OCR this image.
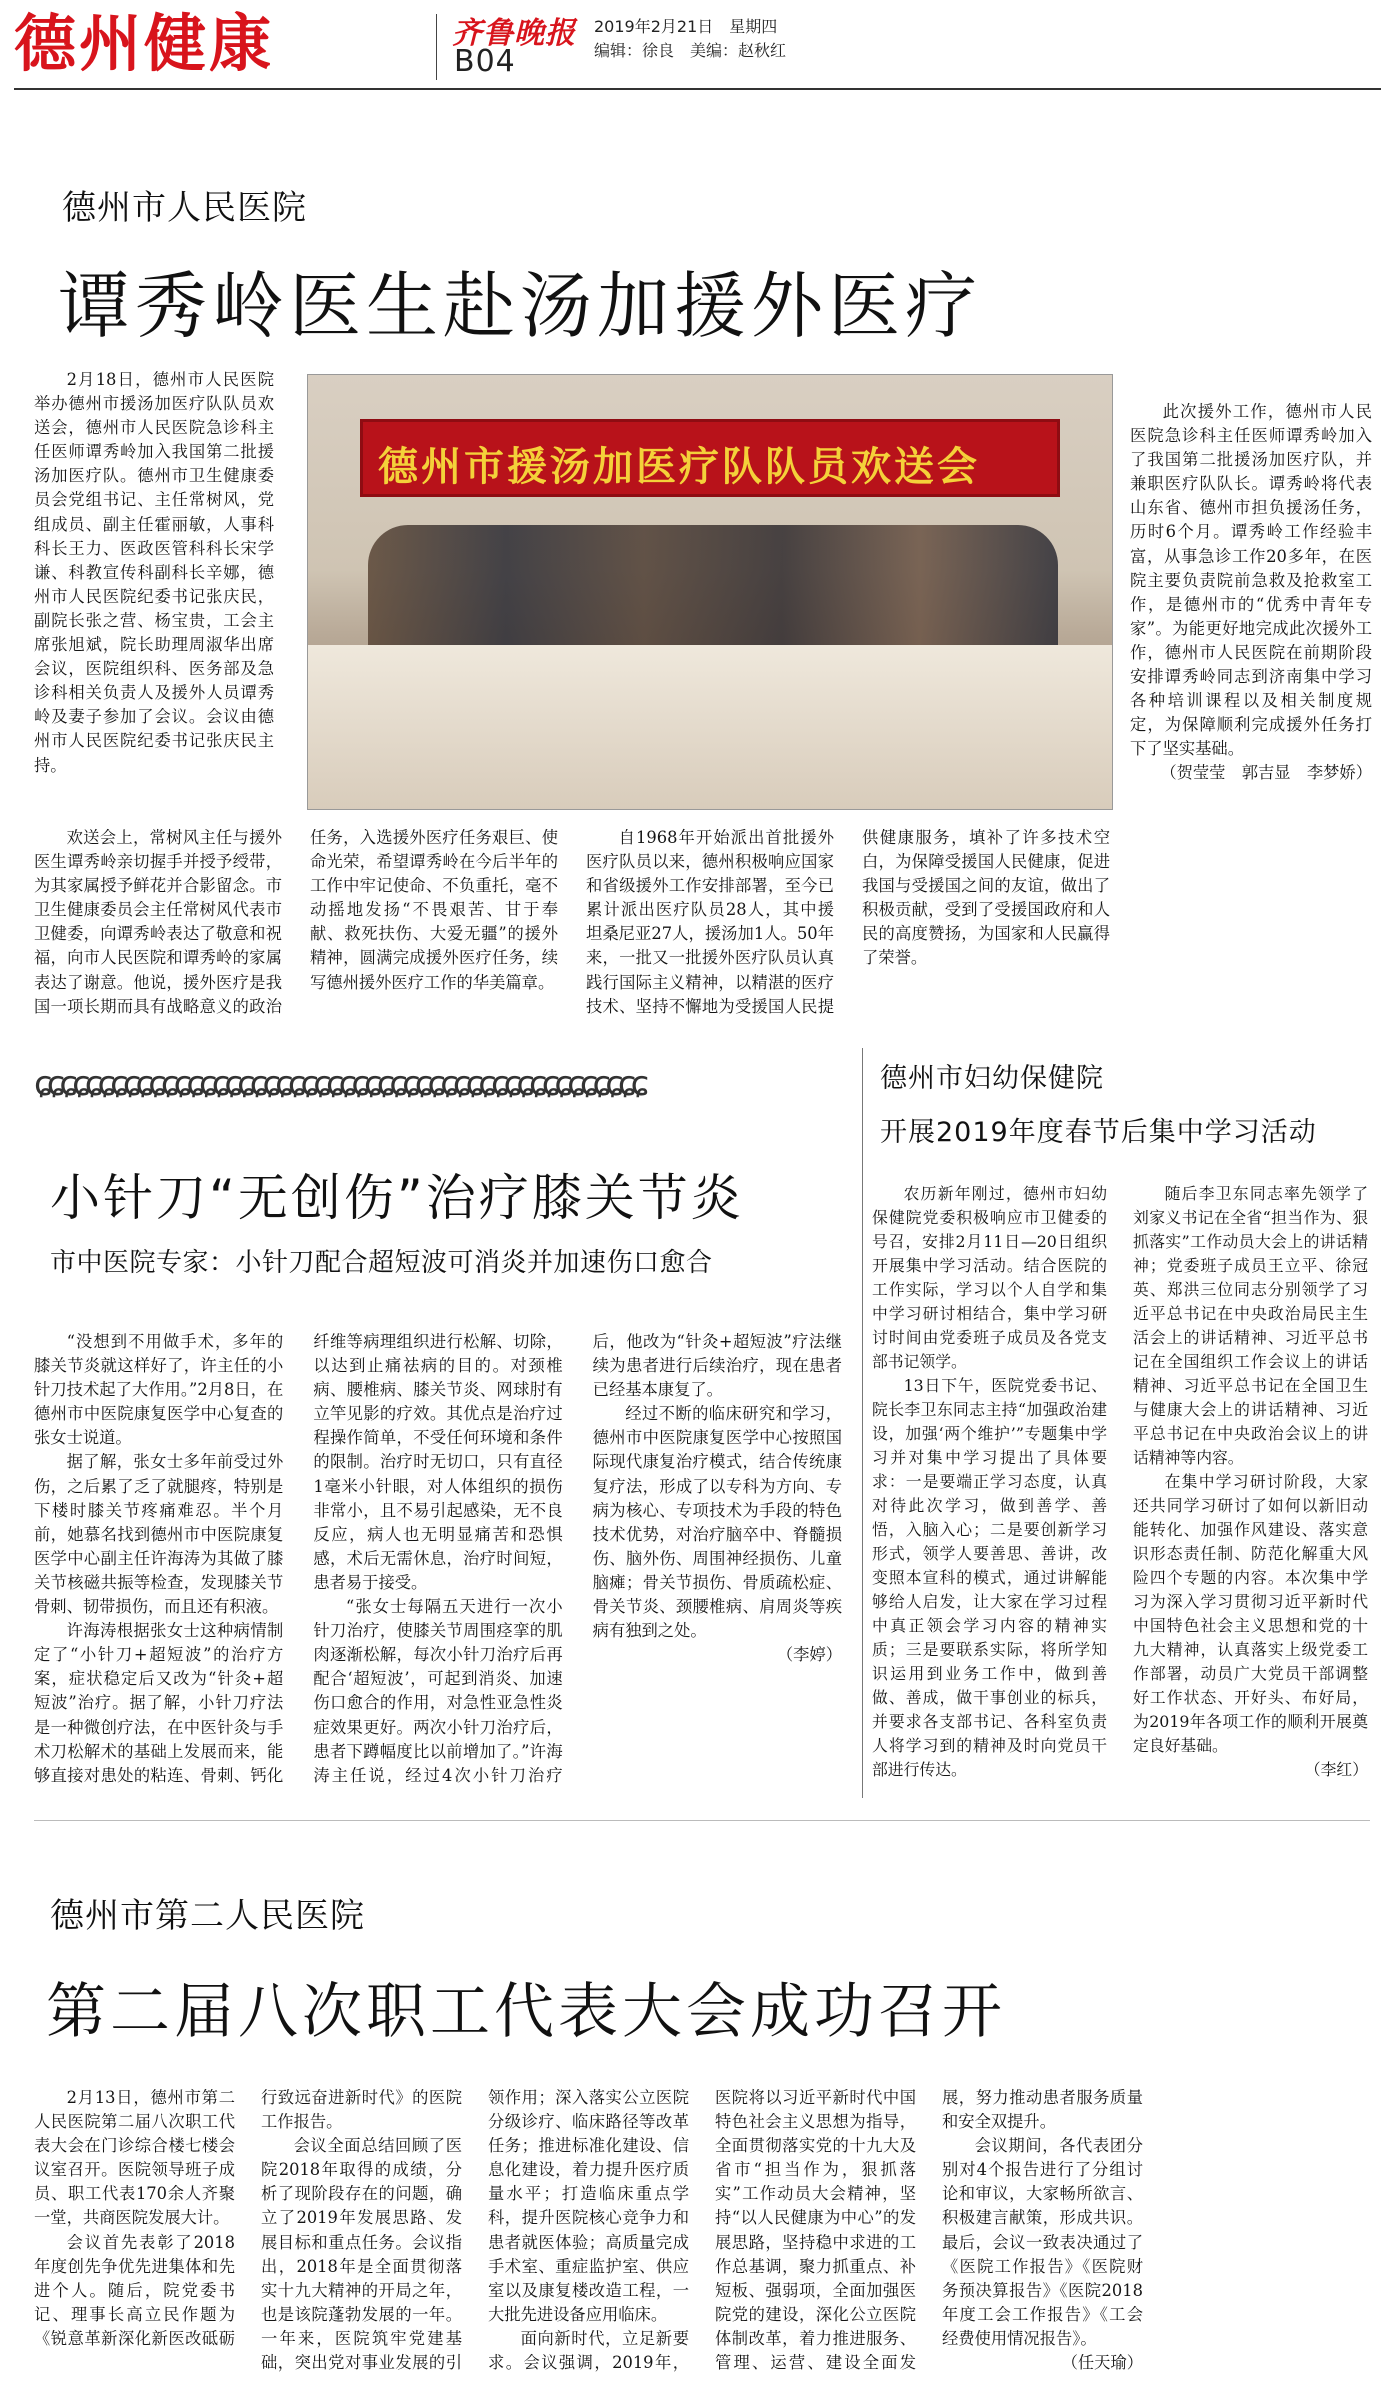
德州健康	齐鲁晚报 2019年2月21日　星期四
编辑：徐良　美编：赵秋红
B04
德州市人民医院
谭秀岭医生赴汤加援外医疗

2月18日，德州市人民医院举办德州市援汤加医疗队队员欢送会，德州市人民医院急诊科主任医师谭秀岭加入我国第二批援汤加医疗队。德州市卫生健康委员会党组书记、主任常树风，党组成员、副主任霍丽敏，人事科科长王力、医政医管科科长宋学谦、科教宣传科副科长辛娜，德州市人民医院纪委书记张庆民，副院长张之营、杨宝贵，工会主席张旭斌，院长助理周淑华出席会议，医院组织科、医务部及急诊科相关负责人及援外人员谭秀岭及妻子参加了会议。会议由德州市人民医院纪委书记张庆民主持。

德州市援汤加医疗队队员欢送会

欢送会上，常树风主任与援外医生谭秀岭亲切握手并授予绶带，为其家属授予鲜花并合影留念。市卫生健康委员会主任常树风代表市卫健委，向谭秀岭表达了敬意和祝福，向市人民医院和谭秀岭的家属表达了谢意。他说，援外医疗是我国一项长期而具有战略意义的政治任务，入选援外医疗任务艰巨、使命光荣，希望谭秀岭在今后半年的工作中牢记使命、不负重托，毫不动摇地发扬“不畏艰苦、甘于奉献、救死扶伤、大爱无疆”的援外精神，圆满完成援外医疗任务，续写德州援外医疗工作的华美篇章。

自1968年开始派出首批援外医疗队员以来，德州积极响应国家和省级援外工作安排部署，至今已累计派出医疗队员28人，其中援坦桑尼亚27人，援汤加1人。50年来，一批又一批援外医疗队员认真践行国际主义精神，以精湛的医疗技术、坚持不懈地为受援国人民提供健康服务，填补了许多技术空白，为保障受援国人民健康，促进我国与受援国之间的友谊，做出了积极贡献，受到了受援国政府和人民的高度赞扬，为国家和人民赢得了荣誉。

此次援外工作，德州市人民医院急诊科主任医师谭秀岭加入了我国第二批援汤加医疗队，并兼职医疗队队长。谭秀岭将代表山东省、德州市担负援汤任务，历时6个月。谭秀岭工作经验丰富，从事急诊工作20多年，在医院主要负责院前急救及抢救室工作，是德州市的“优秀中青年专家”。为能更好地完成此次援外工作，德州市人民医院在前期阶段安排谭秀岭同志到济南集中学习各种培训课程以及相关制度规定，为保障顺利完成援外任务打下了坚实基础。

（贺莹莹　郭吉显　李梦娇）

ɕɕɕɕɕɕɕɕɕɕɕɕɕɕɕɕɕɕɕɕɕɕɕɕɕɕɕɕɕɕɕɕɕɕɕɕɕɕɕɕɕɕɕɕɕɕɕɕ
小针刀“无创伤”治疗膝关节炎
市中医院专家：小针刀配合超短波可消炎并加速伤口愈合

“没想到不用做手术，多年的膝关节炎就这样好了，许主任的小针刀技术起了大作用。”2月8日，在德州市中医院康复医学中心复查的张女士说道。

据了解，张女士多年前受过外伤，之后累了乏了就腿疼，特别是下楼时膝关节疼痛难忍。半个月前，她慕名找到德州市中医院康复医学中心副主任许海涛为其做了膝关节核磁共振等检查，发现膝关节骨刺、韧带损伤，而且还有积液。

许海涛根据张女士这种病情制定了“小针刀+超短波”的治疗方案，症状稳定后又改为“针灸+超短波”治疗。据了解，小针刀疗法是一种微创疗法，在中医针灸与手术刀松解术的基础上发展而来，能够直接对患处的粘连、骨刺、钙化纤维等病理组织进行松解、切除，以达到止痛祛病的目的。对颈椎病、腰椎病、膝关节炎、网球肘有立竿见影的疗效。其优点是治疗过程操作简单，不受任何环境和条件的限制。治疗时无切口，只有直径1毫米小针眼，对人体组织的损伤非常小，且不易引起感染，无不良反应，病人也无明显痛苦和恐惧感，术后无需休息，治疗时间短，患者易于接受。

“张女士每隔五天进行一次小针刀治疗，使膝关节周围痉挛的肌肉逐渐松解，每次小针刀治疗后再配合‘超短波’，可起到消炎、加速伤口愈合的作用，对急性亚急性炎症效果更好。两次小针刀治疗后，患者下蹲幅度比以前增加了。”许海涛主任说，经过4次小针刀治疗后，他改为“针灸+超短波”疗法继续为患者进行后续治疗，现在患者已经基本康复了。

经过不断的临床研究和学习，德州市中医院康复医学中心按照国际现代康复治疗模式，结合传统康复疗法，形成了以专科为方向、专病为核心、专项技术为手段的特色技术优势，对治疗脑卒中、脊髓损伤、脑外伤、周围神经损伤、儿童脑瘫；骨关节损伤、骨质疏松症、骨关节炎、颈腰椎病、肩周炎等疾病有独到之处。

（李婷）

德州市妇幼保健院
开展2019年度春节后集中学习活动

农历新年刚过，德州市妇幼保健院党委积极响应市卫健委的号召，安排2月11日—20日组织开展集中学习活动。结合医院的工作实际，学习以个人自学和集中学习研讨相结合，集中学习研讨时间由党委班子成员及各党支部书记领学。

13日下午，医院党委书记、院长李卫东同志主持“加强政治建设，加强‘两个维护’”专题集中学习并对集中学习提出了具体要求：一是要端正学习态度，认真对待此次学习，做到善学、善悟，入脑入心；二是要创新学习形式，领学人要善思、善讲，改变照本宣科的模式，通过讲解能够给人启发，让大家在学习过程中真正领会学习内容的精神实质；三是要联系实际，将所学知识运用到业务工作中，做到善做、善成，做干事创业的标兵，并要求各支部书记、各科室负责人将学习到的精神及时向党员干部进行传达。

随后李卫东同志率先领学了刘家义书记在全省“担当作为、狠抓落实”工作动员大会上的讲话精神；党委班子成员王立平、徐冠英、郑洪三位同志分别领学了习近平总书记在中央政治局民主生活会上的讲话精神、习近平总书记在全国组织工作会议上的讲话精神、习近平总书记在全国卫生与健康大会上的讲话精神、习近平总书记在中央政治会议上的讲话精神等内容。

在集中学习研讨阶段，大家还共同学习研讨了如何以新旧动能转化、加强作风建设、落实意识形态责任制、防范化解重大风险四个专题的内容。本次集中学习为深入学习贯彻习近平新时代中国特色社会主义思想和党的十九大精神，认真落实上级党委工作部署，动员广大党员干部调整好工作状态、开好头、布好局，为2019年各项工作的顺利开展奠定良好基础。

（李红）

德州市第二人民医院
第二届八次职工代表大会成功召开

2月13日，德州市第二人民医院第二届八次职工代表大会在门诊综合楼七楼会议室召开。医院领导班子成员、职工代表170余人齐聚一堂，共商医院发展大计。

会议首先表彰了2018年度创先争优先进集体和先进个人。随后，院党委书记、理事长高立民作题为《锐意革新深化新医改砥砺行致远奋进新时代》的医院工作报告。

会议全面总结回顾了医院2018年取得的成绩，分析了现阶段存在的问题，确立了2019年发展思路、发展目标和重点任务。会议指出，2018年是全面贯彻落实十九大精神的开局之年，也是该院蓬勃发展的一年。一年来，医院筑牢党建基础，突出党对事业发展的引领作用；深入落实公立医院分级诊疗、临床路径等改革任务；推进标准化建设、信息化建设，着力提升医疗质量水平；打造临床重点学科，提升医院核心竞争力和患者就医体验；高质量完成手术室、重症监护室、供应室以及康复楼改造工程，一大批先进设备应用临床。

面向新时代，立足新要求。会议强调，2019年，医院将以习近平新时代中国特色社会主义思想为指导，全面贯彻落实党的十九大及省市“担当作为，狠抓落实”工作动员大会精神，坚持“以人民健康为中心”的发展思路，坚持稳中求进的工作总基调，聚力抓重点、补短板、强弱项，全面加强医院党的建设，深化公立医院体制改革，着力推进服务、管理、运营、建设全面发展，努力推动患者服务质量和安全双提升。

会议期间，各代表团分别对4个报告进行了分组讨论和审议，大家畅所欲言、积极建言献策，形成共识。最后，会议一致表决通过了《医院工作报告》《医院财务预决算报告》《医院2018年度工会工作报告》《工会经费使用情况报告》。

（任天瑜）
